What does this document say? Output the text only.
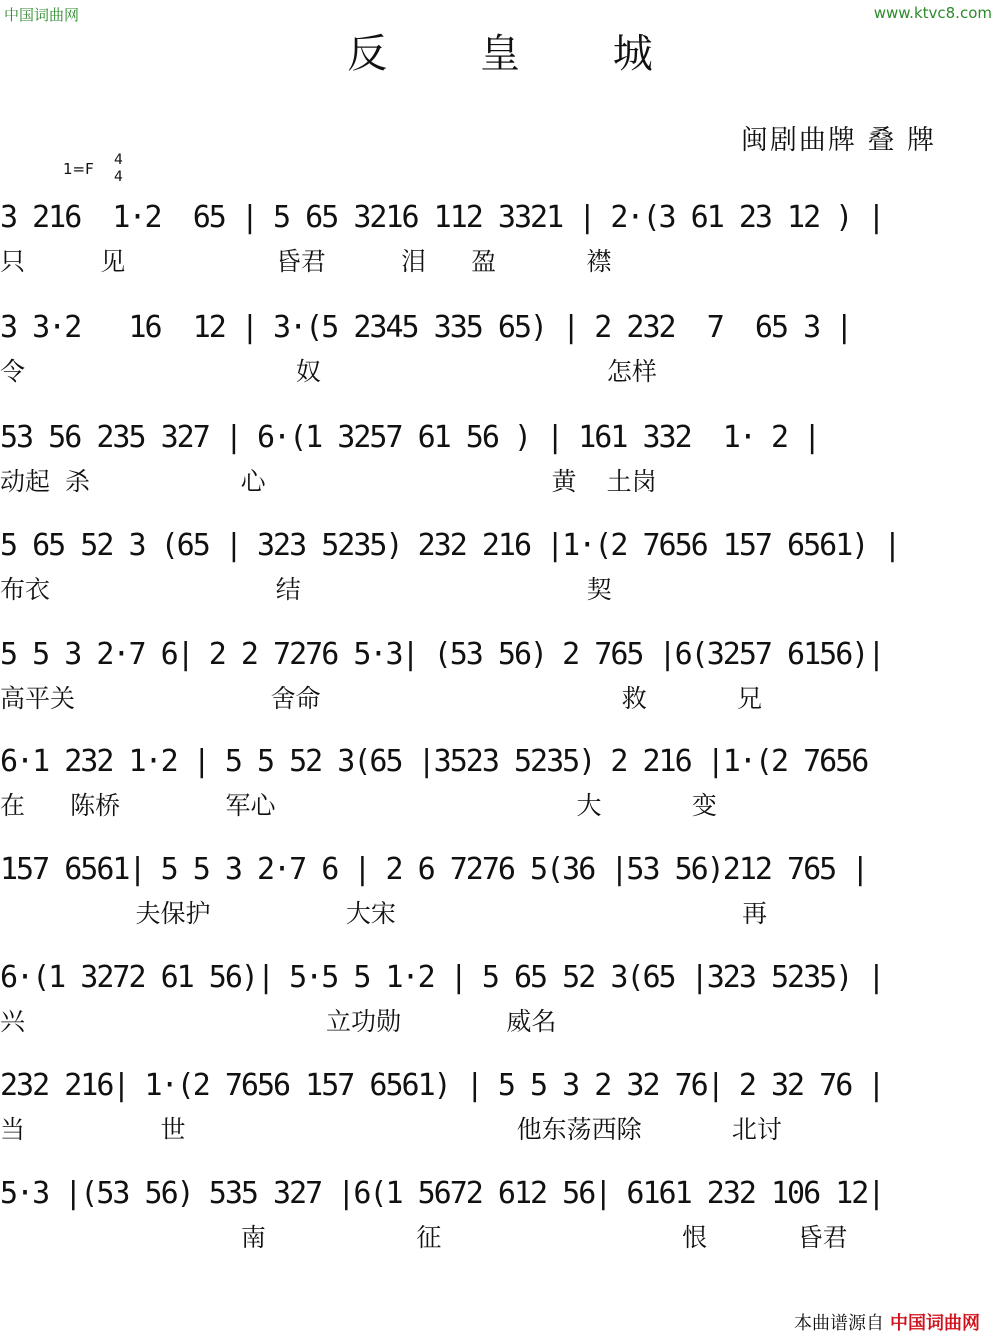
中国词曲网	www.ktvc8.com
反 皇 城
闽剧曲牌 叠 牌
1=F 4
4
3 216  1·2  65 | 5 65 3216 112 3321 | 2·(3 61 23 12 ) |
只     见          昏君     泪   盈      襟
3 3·2   16  12 | 3·(5 2345 335 65) | 2 232  7  65 3 |
令                  奴                   怎样
53 56 235 327 | 6·(1 3257 61 56 ) | 161 332  1· 2 |
动起 杀          心                   黄  土岗
5 65 52 3 (65 | 323 5235) 232 216 |1·(2 7656 157 6561) |
布衣               结                   契
5 5 3 2·7 6| 2 2 7276 5·3| (53 56) 2 765 |6(3257 6156)|
高平关             舍命                    救      兄
6·1 232 1·2 | 5 5 52 3(65 |3523 5235) 2 216 |1·(2 7656
在   陈桥       军心                    大      变
157 6561| 5 5 3 2·7 6 | 2 6 7276 5(36 |53 56)212 765 |
夫保护         大宋                       再
6·(1 3272 61 56)| 5·5 5 1·2 | 5 65 52 3(65 |323 5235) |
兴                    立功勋       威名
232 216| 1·(2 7656 157 6561) | 5 5 3 2 32 76| 2 32 76 |
当         世                      他东荡西除      北讨
5·3 |(53 56) 535 327 |6(1 5672 612 56| 6161 232 106 12|
南          征                恨      昏君
本曲谱源自 中国词曲网
